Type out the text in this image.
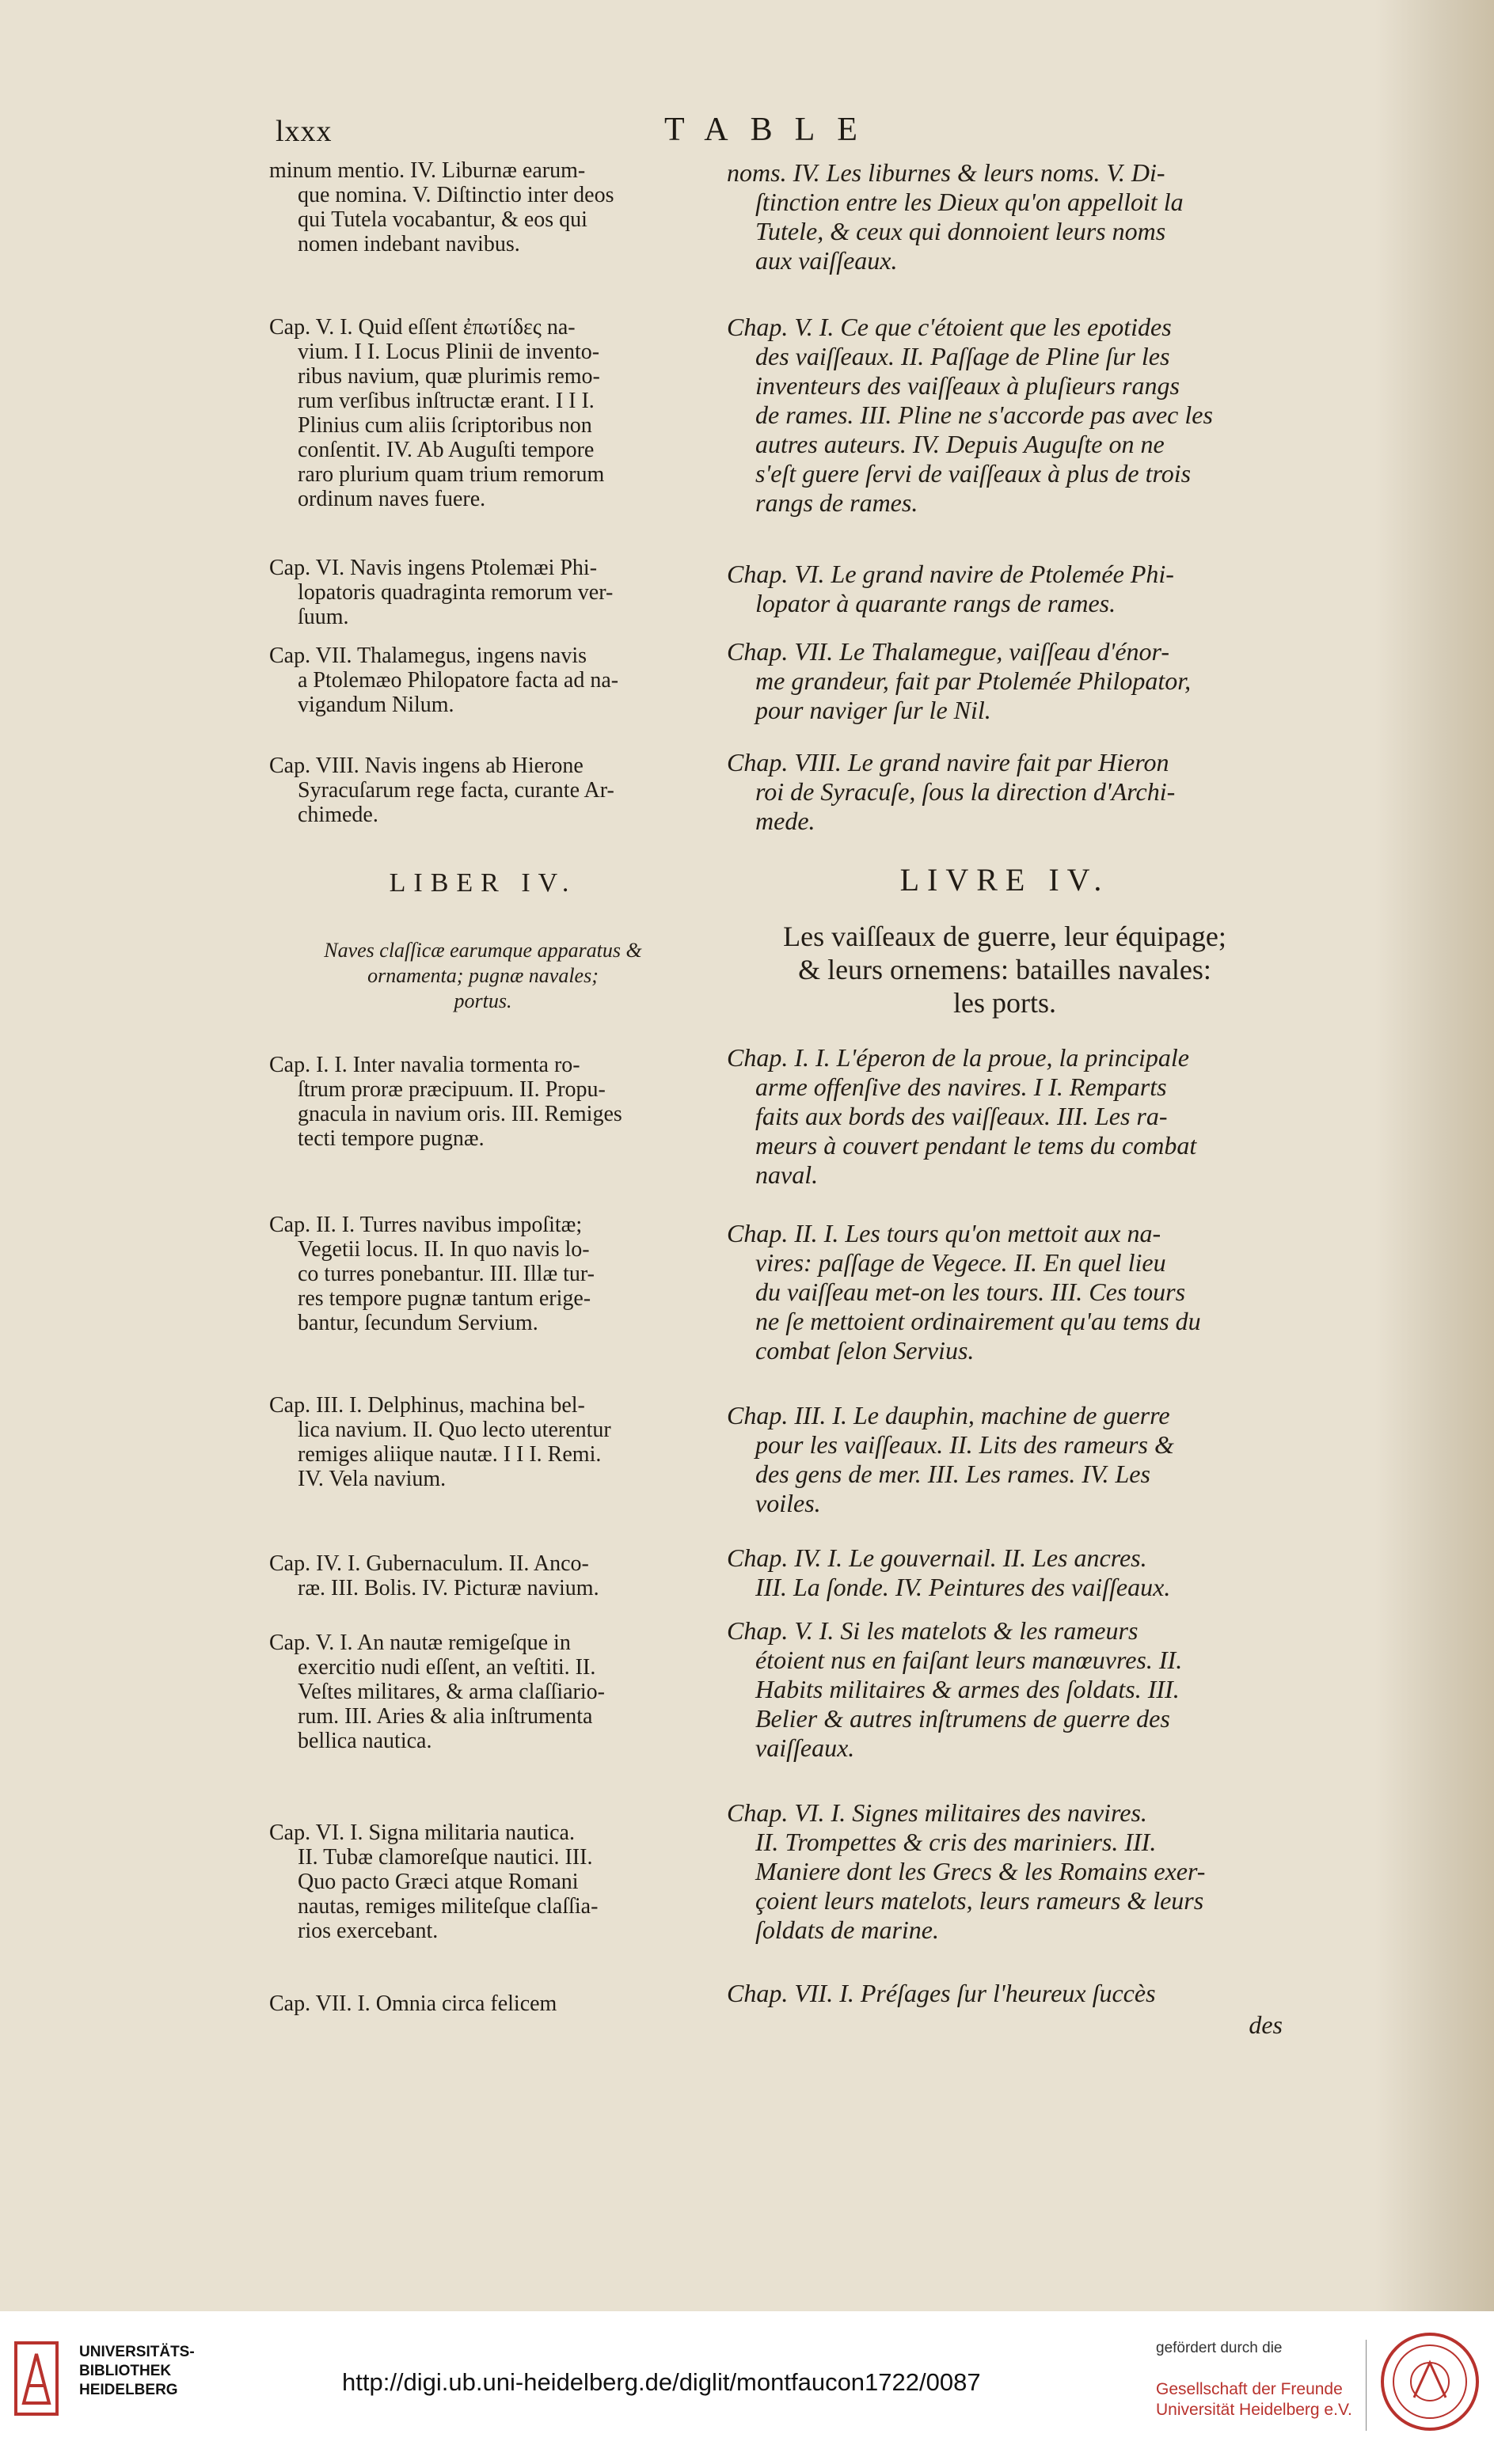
lxxx	TABLE
minum mentio. IV. Liburnæ earum-
que nomina. V. Diſtinctio inter deos
qui Tutela vocabantur, & eos qui
nomen indebant navibus.
Cap. V. I. Quid eſſent ἐπωτίδες na-
vium. I I. Locus Plinii de invento-
ribus navium, quæ plurimis remo-
rum verſibus inſtructæ erant. I I I.
Plinius cum aliis ſcriptoribus non
conſentit. IV. Ab Auguſti tempore
raro plurium quam trium remorum
ordinum naves fuere.
Cap. VI. Navis ingens Ptolemæi Phi-
lopatoris quadraginta remorum ver-
ſuum.
Cap. VII. Thalamegus, ingens navis
a Ptolemæo Philopatore facta ad na-
vigandum Nilum.
Cap. VIII. Navis ingens ab Hierone
Syracuſarum rege facta, curante Ar-
chimede.
LIBER IV.
Naves claſſicæ earumque apparatus &
ornamenta; pugnæ navales;
portus.
Cap. I. I. Inter navalia tormenta ro-
ſtrum proræ præcipuum. II. Propu-
gnacula in navium oris. III. Remiges
tecti tempore pugnæ.
Cap. II. I. Turres navibus impoſitæ;
Vegetii locus. II. In quo navis lo-
co turres ponebantur. III. Illæ tur-
res tempore pugnæ tantum erige-
bantur, ſecundum Servium.
Cap. III. I. Delphinus, machina bel-
lica navium. II. Quo lecto uterentur
remiges aliique nautæ. I I I. Remi.
IV. Vela navium.
Cap. IV. I. Gubernaculum. II. Anco-
ræ. III. Bolis. IV. Picturæ navium.
Cap. V. I. An nautæ remigeſque in
exercitio nudi eſſent, an veſtiti. II.
Veſtes militares, & arma claſſiario-
rum. III. Aries & alia inſtrumenta
bellica nautica.
Cap. VI. I. Signa militaria nautica.
II. Tubæ clamoreſque nautici. III.
Quo pacto Græci atque Romani
nautas, remiges militeſque claſſia-
rios exercebant.
Cap. VII. I. Omnia circa felicem
noms. IV. Les liburnes & leurs noms. V. Di-
ſtinction entre les Dieux qu'on appelloit la
Tutele, & ceux qui donnoient leurs noms
aux vaiſſeaux.
Chap. V. I. Ce que c'étoient que les epotides
des vaiſſeaux. II. Paſſage de Pline ſur les
inventeurs des vaiſſeaux à pluſieurs rangs
de rames. III. Pline ne s'accorde pas avec les
autres auteurs. IV. Depuis Auguſte on ne
s'eſt guere ſervi de vaiſſeaux à plus de trois
rangs de rames.
Chap. VI. Le grand navire de Ptolemée Phi-
lopator à quarante rangs de rames.
Chap. VII. Le Thalamegue, vaiſſeau d'énor-
me grandeur, fait par Ptolemée Philopator,
pour naviger ſur le Nil.
Chap. VIII. Le grand navire fait par Hieron
roi de Syracuſe, ſous la direction d'Archi-
mede.
LIVRE IV.
Les vaiſſeaux de guerre, leur équipage;
& leurs ornemens: batailles navales:
les ports.
Chap. I. I. L'éperon de la proue, la principale
arme offenſive des navires. I I. Remparts
faits aux bords des vaiſſeaux. III. Les ra-
meurs à couvert pendant le tems du combat
naval.
Chap. II. I. Les tours qu'on mettoit aux na-
vires: paſſage de Vegece. II. En quel lieu
du vaiſſeau met-on les tours. III. Ces tours
ne ſe mettoient ordinairement qu'au tems du
combat ſelon Servius.
Chap. III. I. Le dauphin, machine de guerre
pour les vaiſſeaux. II. Lits des rameurs &
des gens de mer. III. Les rames. IV. Les
voiles.
Chap. IV. I. Le gouvernail. II. Les ancres.
III. La ſonde. IV. Peintures des vaiſſeaux.
Chap. V. I. Si les matelots & les rameurs
étoient nus en faiſant leurs manœuvres. II.
Habits militaires & armes des ſoldats. III.
Belier & autres inſtrumens de guerre des
vaiſſeaux.
Chap. VI. I. Signes militaires des navires.
II. Trompettes & cris des mariniers. III.
Maniere dont les Grecs & les Romains exer-
çoient leurs matelots, leurs rameurs & leurs
ſoldats de marine.
Chap. VII. I. Préſages ſur l'heureux ſuccès
des
UNIVERSITÄTS-
BIBLIOTHEK
HEIDELBERG	http://digi.ub.uni-heidelberg.de/diglit/montfaucon1722/0087
gefördert durch die
Gesellschaft der Freunde
Universität Heidelberg e.V.
